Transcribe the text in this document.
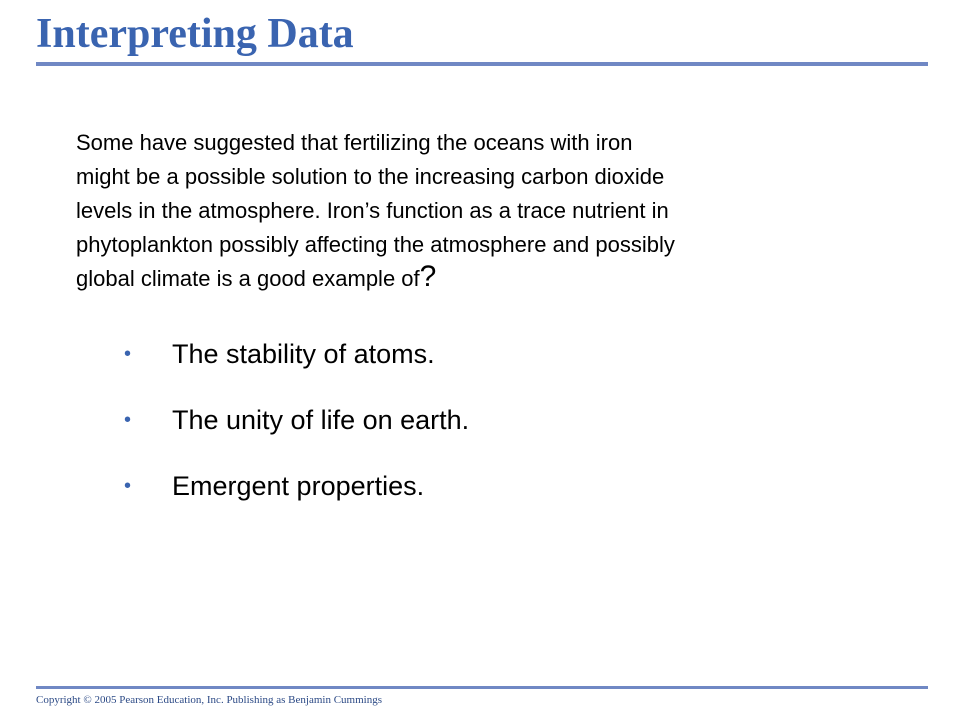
Interpreting Data

Some have suggested that fertilizing the oceans with iron
might be a possible solution to the increasing carbon dioxide
levels in the atmosphere. Iron’s function as a trace nutrient in
phytoplankton possibly affecting the atmosphere and possibly
global climate is a good example of?

• The stability of atoms.
• The unity of life on earth.
• Emergent properties.

Copyright © 2005 Pearson Education, Inc. Publishing as Benjamin Cummings
